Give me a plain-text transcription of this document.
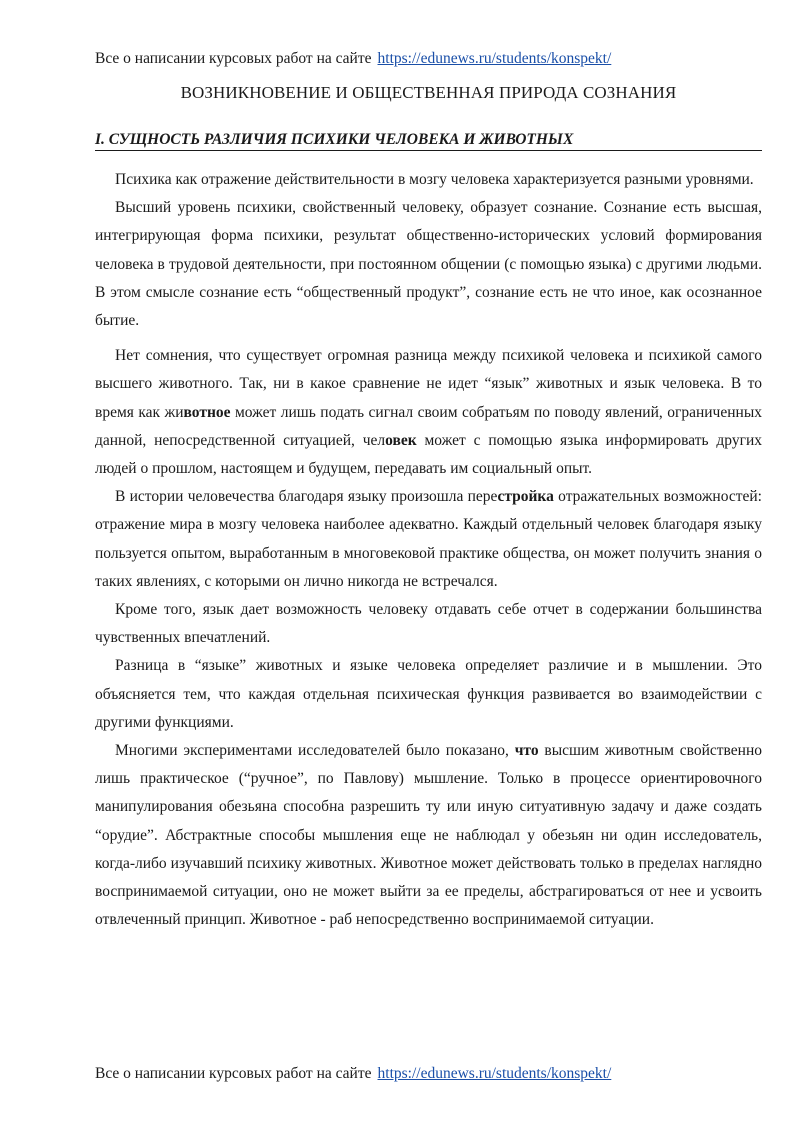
Все о написании курсовых работ на сайте https://edunews.ru/students/konspekt/
ВОЗНИКНОВЕНИЕ И ОБЩЕСТВЕННАЯ ПРИРОДА СОЗНАНИЯ
I. СУЩНОСТЬ РАЗЛИЧИЯ ПСИХИКИ ЧЕЛОВЕКА И ЖИВОТНЫХ

Психика как отражение действительности в мозгу человека характеризуется разными уровнями.

Высший уровень психики, свойственный человеку, образует сознание. Сознание есть высшая, интегрирующая форма психики, результат общественно-исторических условий формирования человека в трудовой деятельности, при постоянном общении (с помощью языка) с другими людьми. В этом смысле сознание есть “общественный продукт”, сознание есть не что иное, как осознанное бытие.

Нет сомнения, что существует огромная разница между психикой человека и психикой самого высшего животного. Так, ни в какое сравнение не идет “язык” животных и язык человека. В то время как животное может лишь подать сигнал своим собратьям по поводу явлений, ограниченных данной, непосредственной ситуацией, человек может с помощью языка информировать других людей о прошлом, настоящем и будущем, передавать им социальный опыт.

В истории человечества благодаря языку произошла перестройка отражательных возможностей: отражение мира в мозгу человека наиболее адекватно. Каждый отдельный человек благодаря языку пользуется опытом, выработанным в многовековой практике общества, он может получить знания о таких явлениях, с которыми он лично никогда не встречался.

Кроме того, язык дает возможность человеку отдавать себе отчет в содержании большинства чувственных впечатлений.

Разница в “языке” животных и языке человека определяет различие и в мышлении. Это объясняется тем, что каждая отдельная психическая функция развивается во взаимодействии с другими функциями.

Многими экспериментами исследователей было показано, что высшим животным свойственно лишь практическое (“ручное”, по Павлову) мышление. Только в процессе ориентировочного манипулирования обезьяна способна разрешить ту или иную ситуативную задачу и даже создать “орудие”. Абстрактные способы мышления еще не наблюдал у обезьян ни один исследователь, когда-либо изучавший психику животных. Животное может действовать только в пределах наглядно воспринимаемой ситуации, оно не может выйти за ее пределы, абстрагироваться от нее и усвоить отвлеченный принцип. Животное - раб непосредственно воспринимаемой ситуации.

Все о написании курсовых работ на сайте https://edunews.ru/students/konspekt/
